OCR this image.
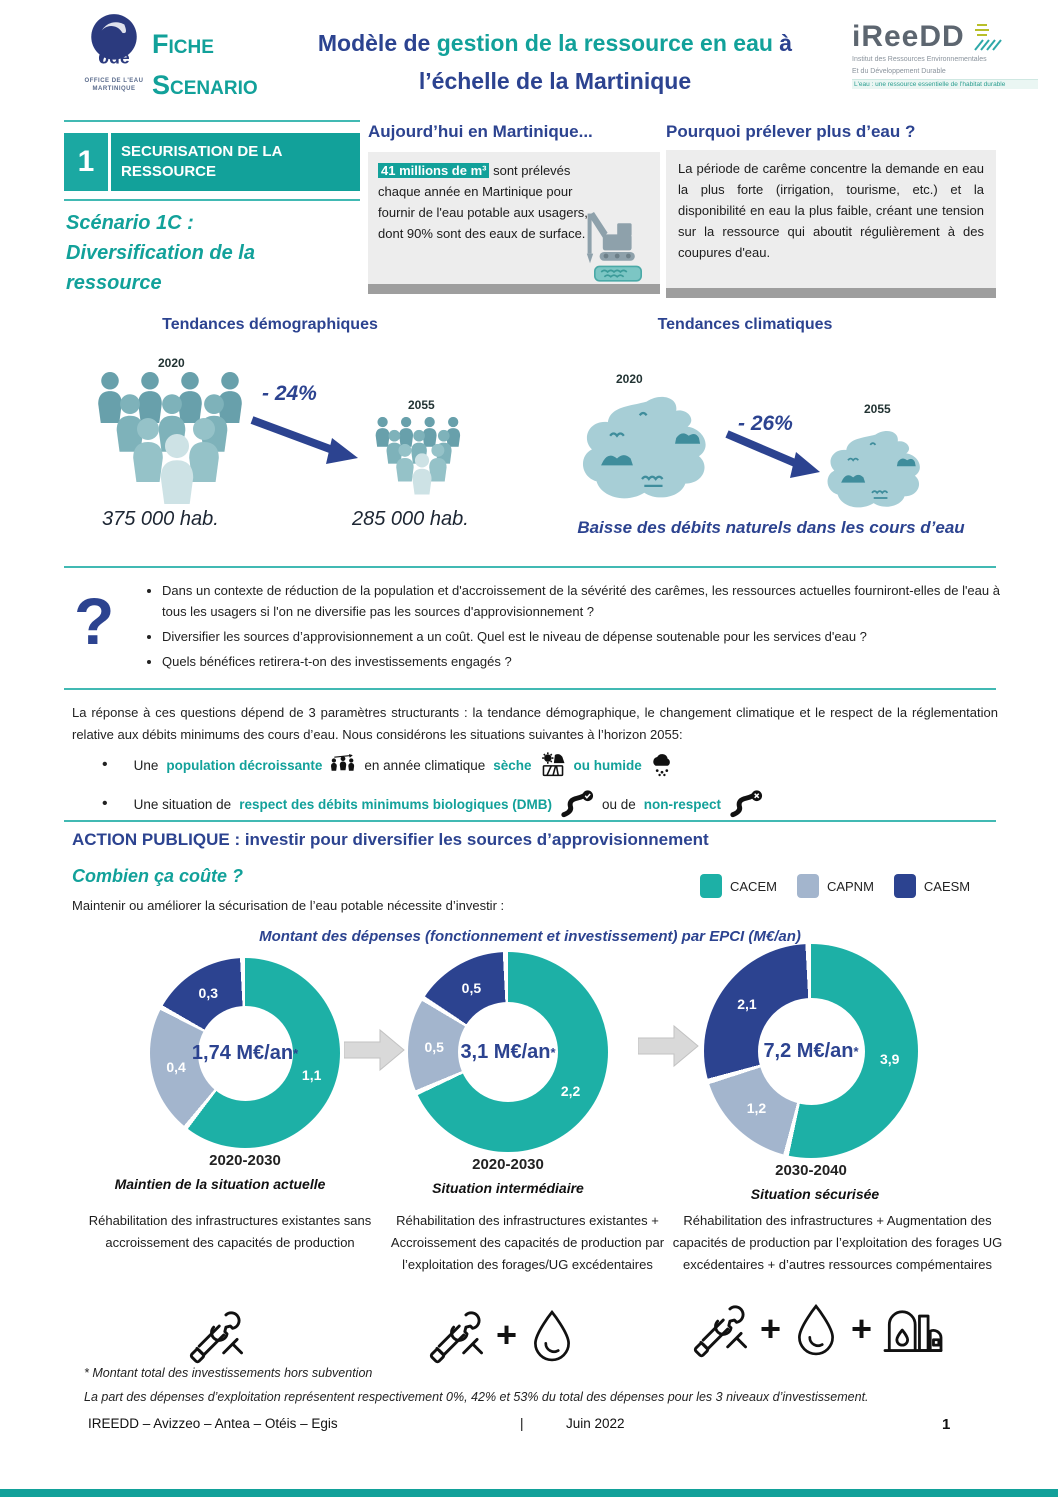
ode
OFFICE DE L'EAU
MARTINIQUE
Fiche
Scenario
Modèle de gestion de la ressource en eau à
l’échelle de la Martinique
iReeDD
Institut des Ressources Environnementales
Et du Développement Durable
L'eau : une ressource essentielle de l'habitat durable
1	SECURISATION DE LA RESSOURCE
Scénario 1C :
Diversification de la
ressource
Aujourd’hui en Martinique...
41 millions de m³ sont prélevés chaque année en Martinique pour fournir de l'eau potable aux usagers, dont 90% sont des eaux de surface.
Pourquoi prélever plus d’eau ?
La période de carême concentre la demande en eau la plus forte (irrigation, tourisme, etc.) et la disponibilité en eau la plus faible, créant une tension sur la ressource qui aboutit régulièrement à des coupures d'eau.
Tendances démographiques
2020
- 24%	2055
375 000 hab.	285 000 hab.
Tendances climatiques
2020
- 26%
2055
Baisse des débits naturels dans les cours d’eau
?	• Dans un contexte de réduction de la population et d'accroissement de la sévérité des carêmes, les ressources actuelles fourniront-elles de l'eau à tous les usagers si l'on ne diversifie pas les sources d'approvisionnement ?
• Diversifier les sources d’approvisionnement a un coût. Quel est le niveau de dépense soutenable pour les services d'eau ?
• Quels bénéfices retirera-t-on des investissements engagés ?
La réponse à ces questions dépend de 3 paramètres structurants : la tendance démographique, le changement climatique et le respect de la réglementation relative aux débits minimums des cours d’eau. Nous considérons les situations suivantes à l’horizon 2055:
• Une population décroissante	en année climatique sèche	ou humide
• Une situation de respect des débits minimums biologiques (DMB)	ou de non-respect
ACTION PUBLIQUE : investir pour diversifier les sources d’approvisionnement
Combien ça coûte ?
Maintenir ou améliorer la sécurisation de l’eau potable nécessite d’investir :
CACEM	CAPNM	CAESM
Montant des dépenses (fonctionnement et investissement) par EPCI (M€/an)
1,74 M€/an *
1,1
0,4
0,3
3,1 M€/an *
2,2
0,5
0,5
7,2 M€/an *
3,9
1,2
2,1
2020-2030	2020-2030	2030-2040
Maintien de la situation actuelle	Situation intermédiaire	Situation sécurisée
Réhabilitation des infrastructures existantes sans accroissement des capacités de production
Réhabilitation des infrastructures existantes + Accroissement des capacités de production par l’exploitation des forages/UG excédentaires
Réhabilitation des infrastructures + Augmentation des capacités de production par l’exploitation des forages UG excédentaires + d’autres ressources compémentaires
+	+ +
* Montant total des investissements hors subvention
La part des dépenses d’exploitation représentent respectivement 0%, 42% et 53% du total des dépenses pour les 3 niveaux d’investissement.
IREEDD – Avizzeo – Antea – Otéis – Egis	|	Juin 2022	1
